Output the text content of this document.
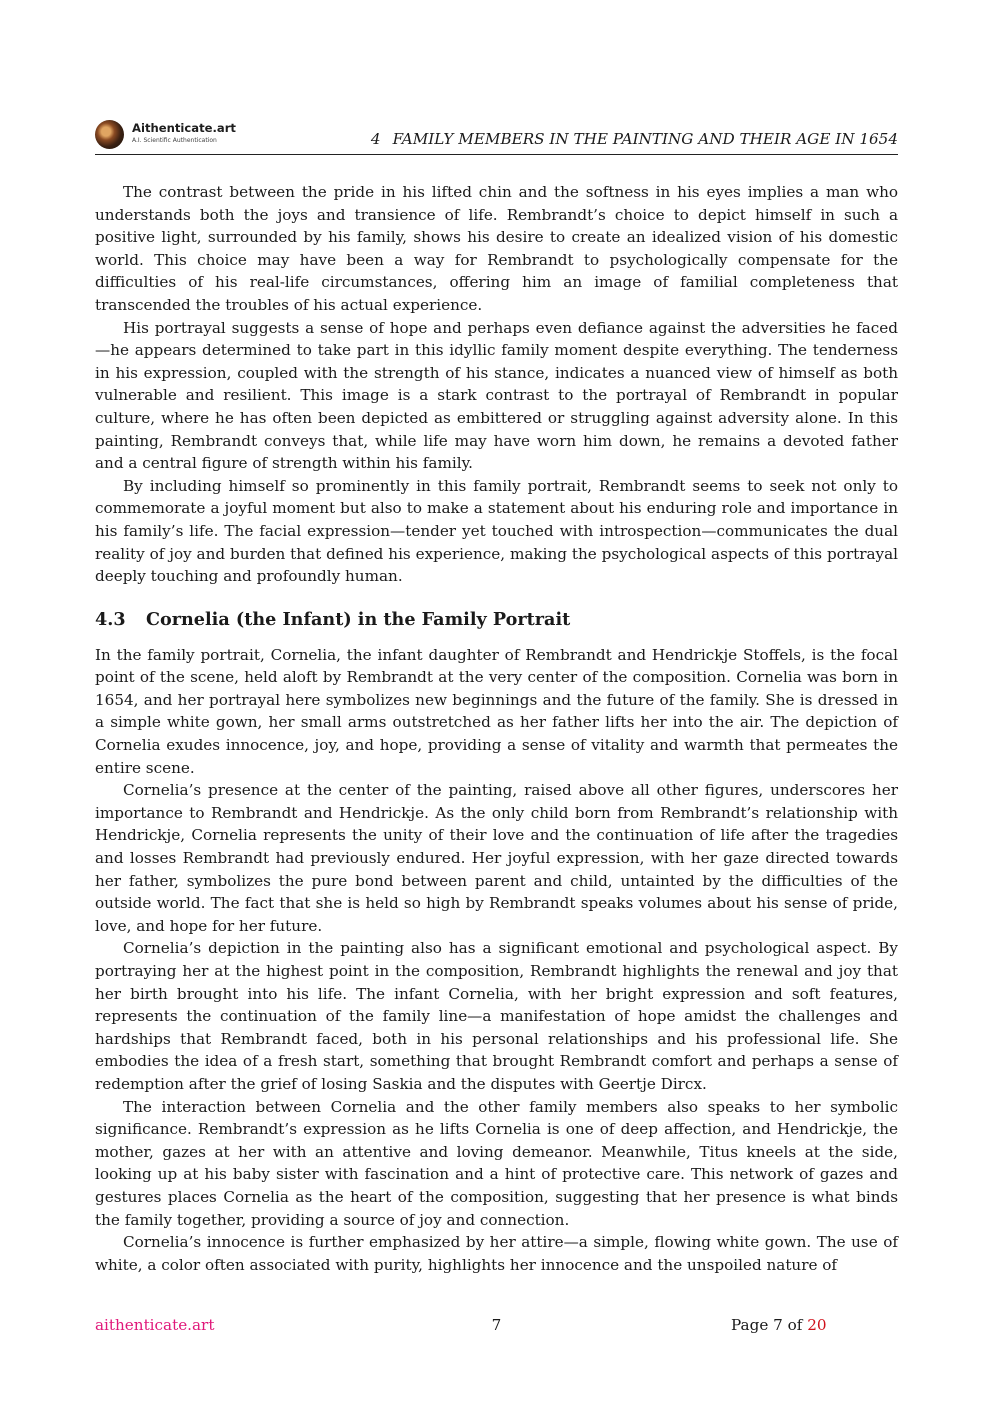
Aithenticate.art
A.I. Scientific Authentication	4 FAMILY MEMBERS IN THE PAINTING AND THEIR AGE IN 1654

The contrast between the pride in his lifted chin and the softness in his eyes implies a man who understands both the joys and transience of life. Rembrandt’s choice to depict himself in such a positive light, surrounded by his family, shows his desire to create an idealized vision of his domestic world. This choice may have been a way for Rembrandt to psychologically compensate for the difficulties of his real-life circumstances, offering him an image of familial completeness that transcended the troubles of his actual experience.

His portrayal suggests a sense of hope and perhaps even defiance against the adversities he faced—he appears determined to take part in this idyllic family moment despite everything. The tenderness in his expression, coupled with the strength of his stance, indicates a nuanced view of himself as both vulnerable and resilient. This image is a stark contrast to the portrayal of Rembrandt in popular culture, where he has often been depicted as embittered or struggling against adversity alone. In this painting, Rembrandt conveys that, while life may have worn him down, he remains a devoted father and a central figure of strength within his family.

By including himself so prominently in this family portrait, Rembrandt seems to seek not only to commemorate a joyful moment but also to make a statement about his enduring role and importance in his family’s life. The facial expression—tender yet touched with introspection—communicates the dual reality of joy and burden that defined his experience, making the psychological aspects of this portrayal deeply touching and profoundly human.

4.3 Cornelia (the Infant) in the Family Portrait

In the family portrait, Cornelia, the infant daughter of Rembrandt and Hendrickje Stoffels, is the focal point of the scene, held aloft by Rembrandt at the very center of the composition. Cornelia was born in 1654, and her portrayal here symbolizes new beginnings and the future of the family. She is dressed in a simple white gown, her small arms outstretched as her father lifts her into the air. The depiction of Cornelia exudes innocence, joy, and hope, providing a sense of vitality and warmth that permeates the entire scene.

Cornelia’s presence at the center of the painting, raised above all other figures, underscores her importance to Rembrandt and Hendrickje. As the only child born from Rembrandt’s relationship with Hendrickje, Cornelia represents the unity of their love and the continuation of life after the tragedies and losses Rembrandt had previously endured. Her joyful expression, with her gaze directed towards her father, symbolizes the pure bond between parent and child, untainted by the difficulties of the outside world. The fact that she is held so high by Rembrandt speaks volumes about his sense of pride, love, and hope for her future.

Cornelia’s depiction in the painting also has a significant emotional and psychological aspect. By portraying her at the highest point in the composition, Rembrandt highlights the renewal and joy that her birth brought into his life. The infant Cornelia, with her bright expression and soft features, represents the continuation of the family line—a manifestation of hope amidst the challenges and hardships that Rembrandt faced, both in his personal relationships and his professional life. She embodies the idea of a fresh start, something that brought Rembrandt comfort and perhaps a sense of redemption after the grief of losing Saskia and the disputes with Geertje Dircx.

The interaction between Cornelia and the other family members also speaks to her symbolic significance. Rembrandt’s expression as he lifts Cornelia is one of deep affection, and Hendrickje, the mother, gazes at her with an attentive and loving demeanor. Meanwhile, Titus kneels at the side, looking up at his baby sister with fascination and a hint of protective care. This network of gazes and gestures places Cornelia as the heart of the composition, suggesting that her presence is what binds the family together, providing a source of joy and connection.

Cornelia’s innocence is further emphasized by her attire—a simple, flowing white gown. The use of white, a color often associated with purity, highlights her innocence and the unspoiled nature of

aithenticate.art	7	Page 7 of 20
